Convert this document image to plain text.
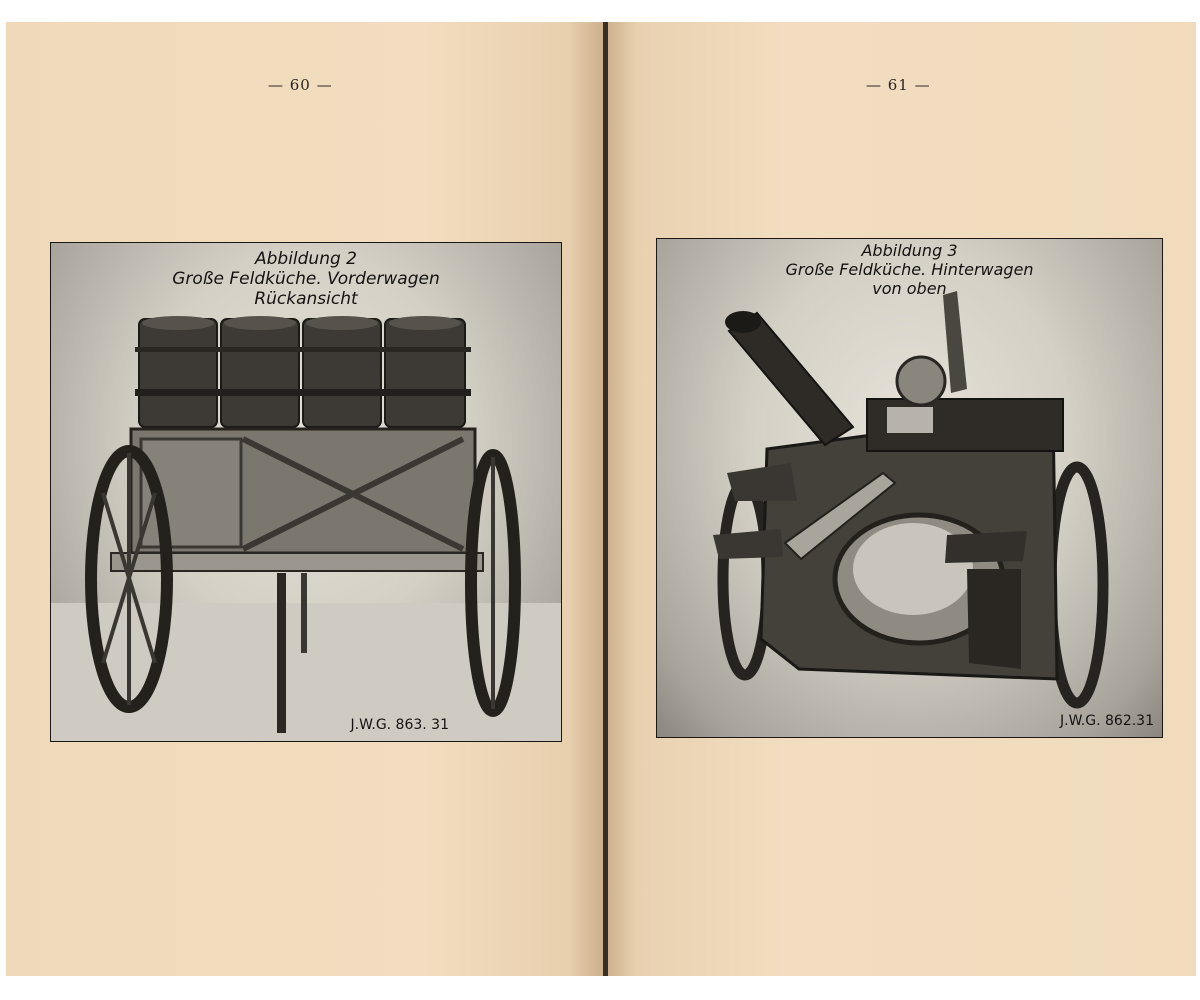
— 60 —
Abbildung 2
Große Feldküche. Vorderwagen
Rückansicht
J.W.G. 863. 31
— 61 —
Abbildung 3
Große Feldküche. Hinterwagen
von oben
J.W.G. 862.31
